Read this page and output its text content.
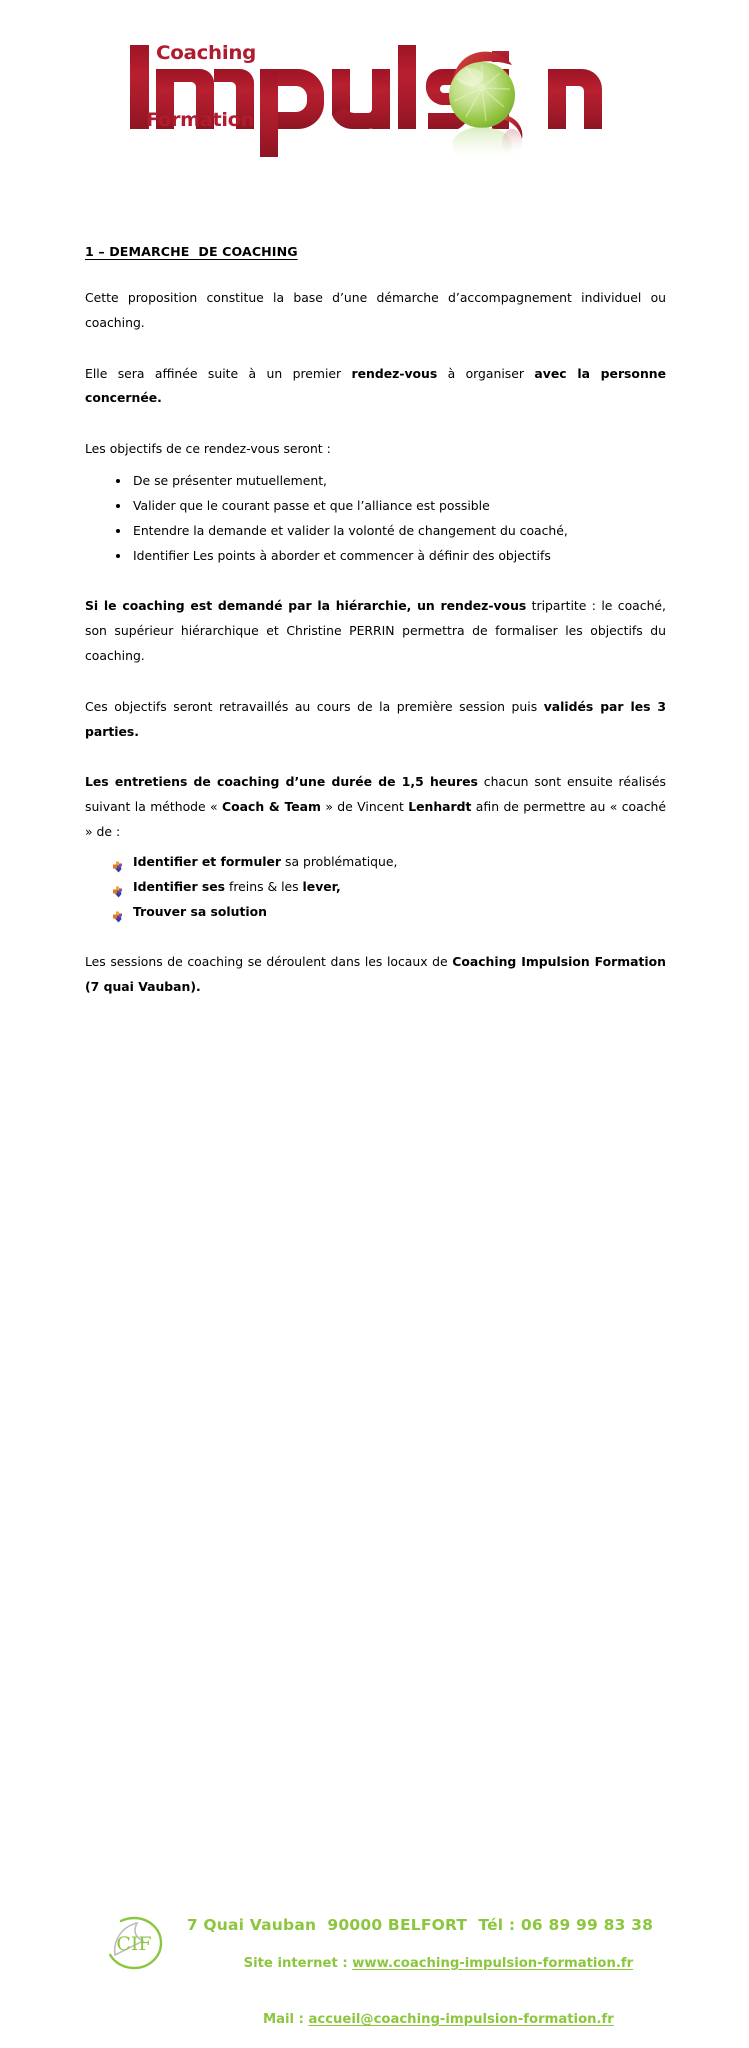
Coaching
Formation
1 – DEMARCHE  DE COACHING

Cette proposition constitue la base d’une démarche d’accompagnement individuel ou coaching.

Elle sera affinée suite à un premier rendez-vous à organiser avec la personne concernée.

Les objectifs de ce rendez-vous seront :

De se présenter mutuellement,
Valider que le courant passe et que l’alliance est possible
Entendre la demande et valider la volonté de changement du coaché,
Identifier Les points à aborder et commencer à définir des objectifs

Si le coaching est demandé par la hiérarchie, un rendez-vous tripartite : le coaché, son supérieur hiérarchique et Christine PERRIN permettra de formaliser les objectifs du coaching.

Ces objectifs seront retravaillés au cours de la première session puis validés par les 3 parties.

Les entretiens de coaching d’une durée de 1,5 heures chacun sont ensuite réalisés suivant la méthode « Coach & Team » de Vincent Lenhardt afin de permettre au « coaché » de :

Identifier et formuler sa problématique,
Identifier ses freins & les lever,
Trouver sa solution

Les sessions de coaching se déroulent dans les locaux de Coaching Impulsion Formation (7 quai Vauban).

CIF
7 Quai Vauban  90000 BELFORT  Tél : 06 89 99 83 38

Site internet : www.coaching-impulsion-formation.fr

Mail : accueil@coaching-impulsion-formation.fr
